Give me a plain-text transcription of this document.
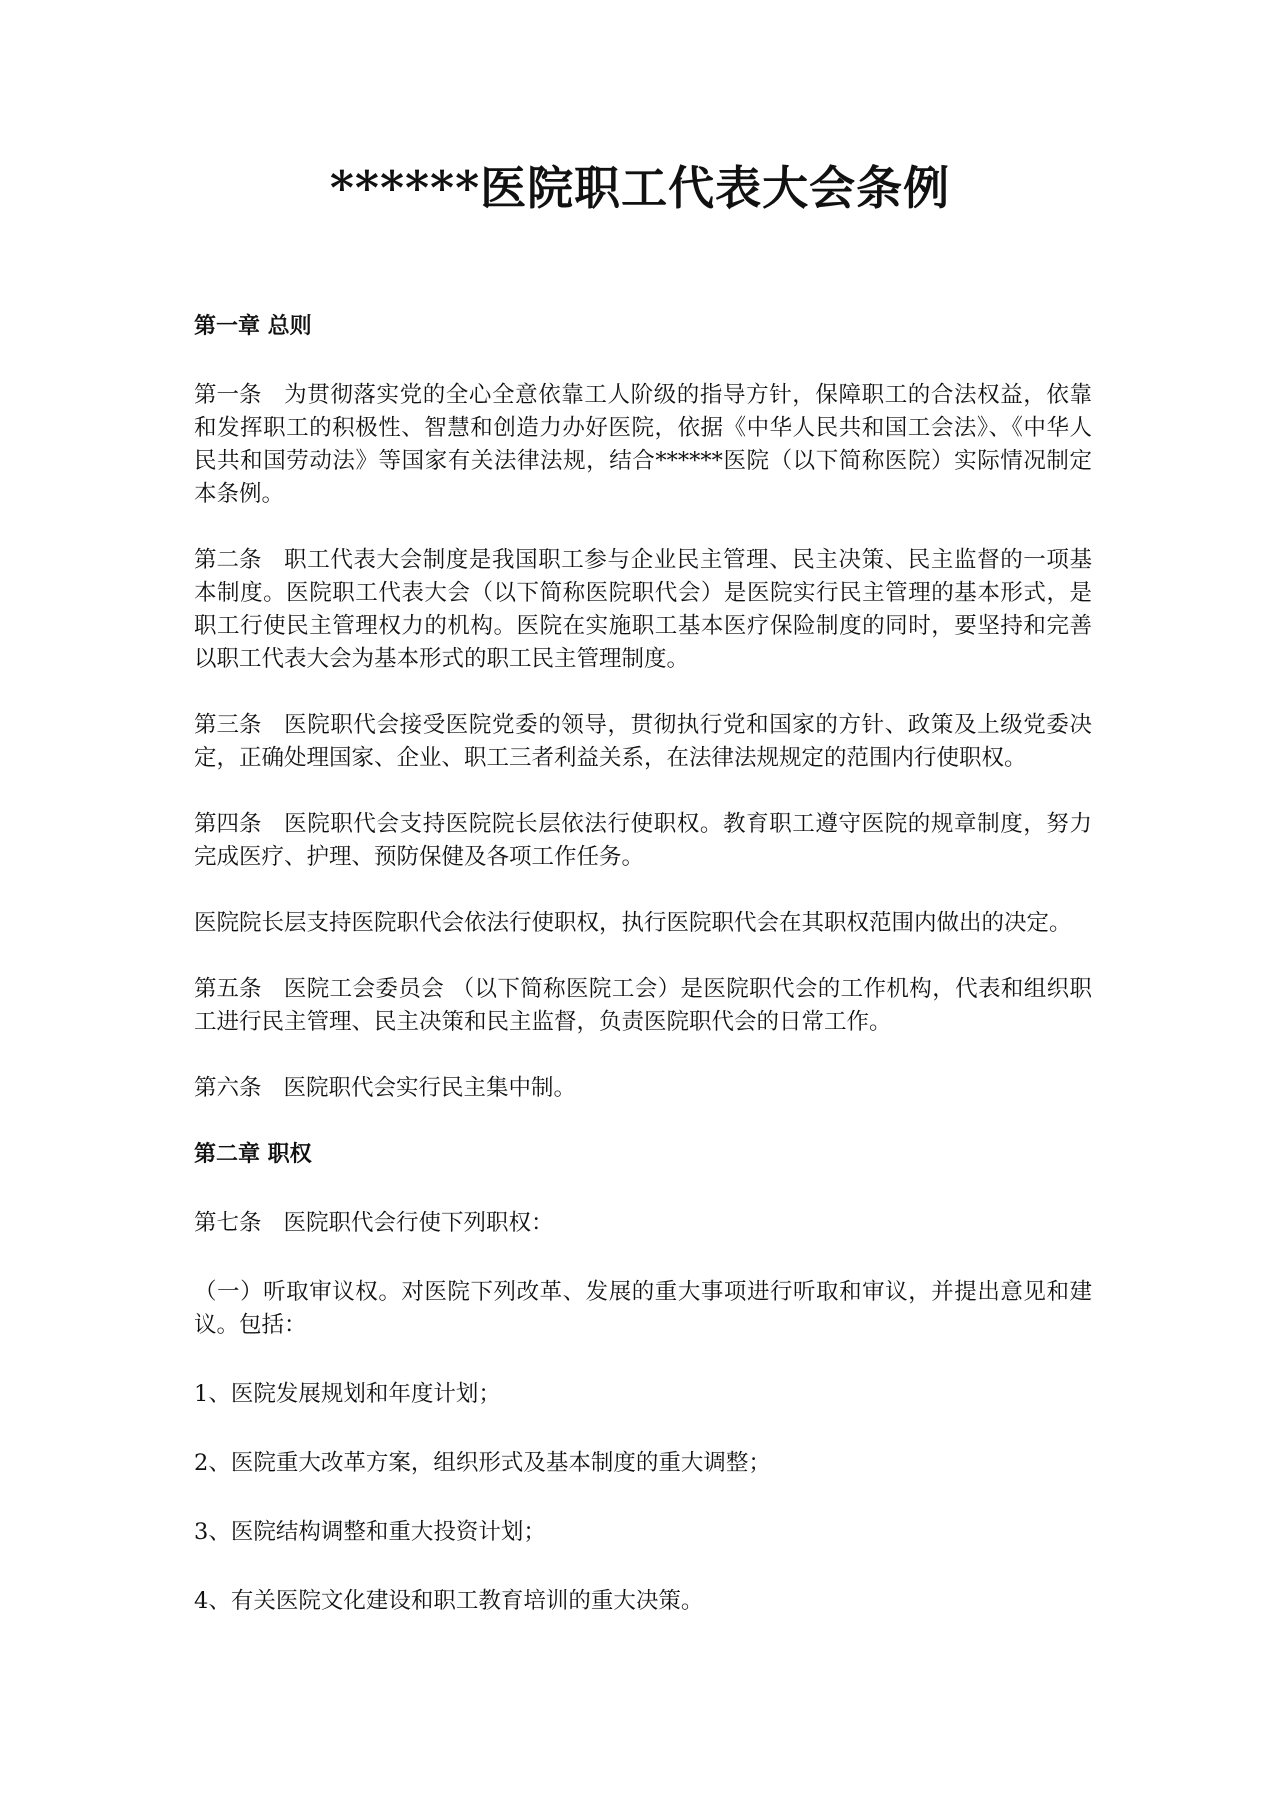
******医院职工代表大会条例

第一章 总则

第一条 为贯彻落实党的全心全意依靠工人阶级的指导方针，保障职工的合法权益，依靠和发挥职工的积极性、智慧和创造力办好医院，依据《中华人民共和国工会法》、《中华人民共和国劳动法》等国家有关法律法规，结合******医院（以下简称医院）实际情况制定本条例。

第二条 职工代表大会制度是我国职工参与企业民主管理、民主决策、民主监督的一项基本制度。医院职工代表大会（以下简称医院职代会）是医院实行民主管理的基本形式，是职工行使民主管理权力的机构。医院在实施职工基本医疗保险制度的同时，要坚持和完善以职工代表大会为基本形式的职工民主管理制度。

第三条 医院职代会接受医院党委的领导，贯彻执行党和国家的方针、政策及上级党委决定，正确处理国家、企业、职工三者利益关系，在法律法规规定的范围内行使职权。

第四条 医院职代会支持医院院长层依法行使职权。教育职工遵守医院的规章制度，努力完成医疗、护理、预防保健及各项工作任务。

医院院长层支持医院职代会依法行使职权，执行医院职代会在其职权范围内做出的决定。

第五条 医院工会委员会 （以下简称医院工会）是医院职代会的工作机构，代表和组织职工进行民主管理、民主决策和民主监督，负责医院职代会的日常工作。

第六条 医院职代会实行民主集中制。

第二章 职权

第七条 医院职代会行使下列职权：

（一）听取审议权。对医院下列改革、发展的重大事项进行听取和审议，并提出意见和建议。包括：

1、医院发展规划和年度计划；

2、医院重大改革方案，组织形式及基本制度的重大调整；

3、医院结构调整和重大投资计划；

4、有关医院文化建设和职工教育培训的重大决策。
